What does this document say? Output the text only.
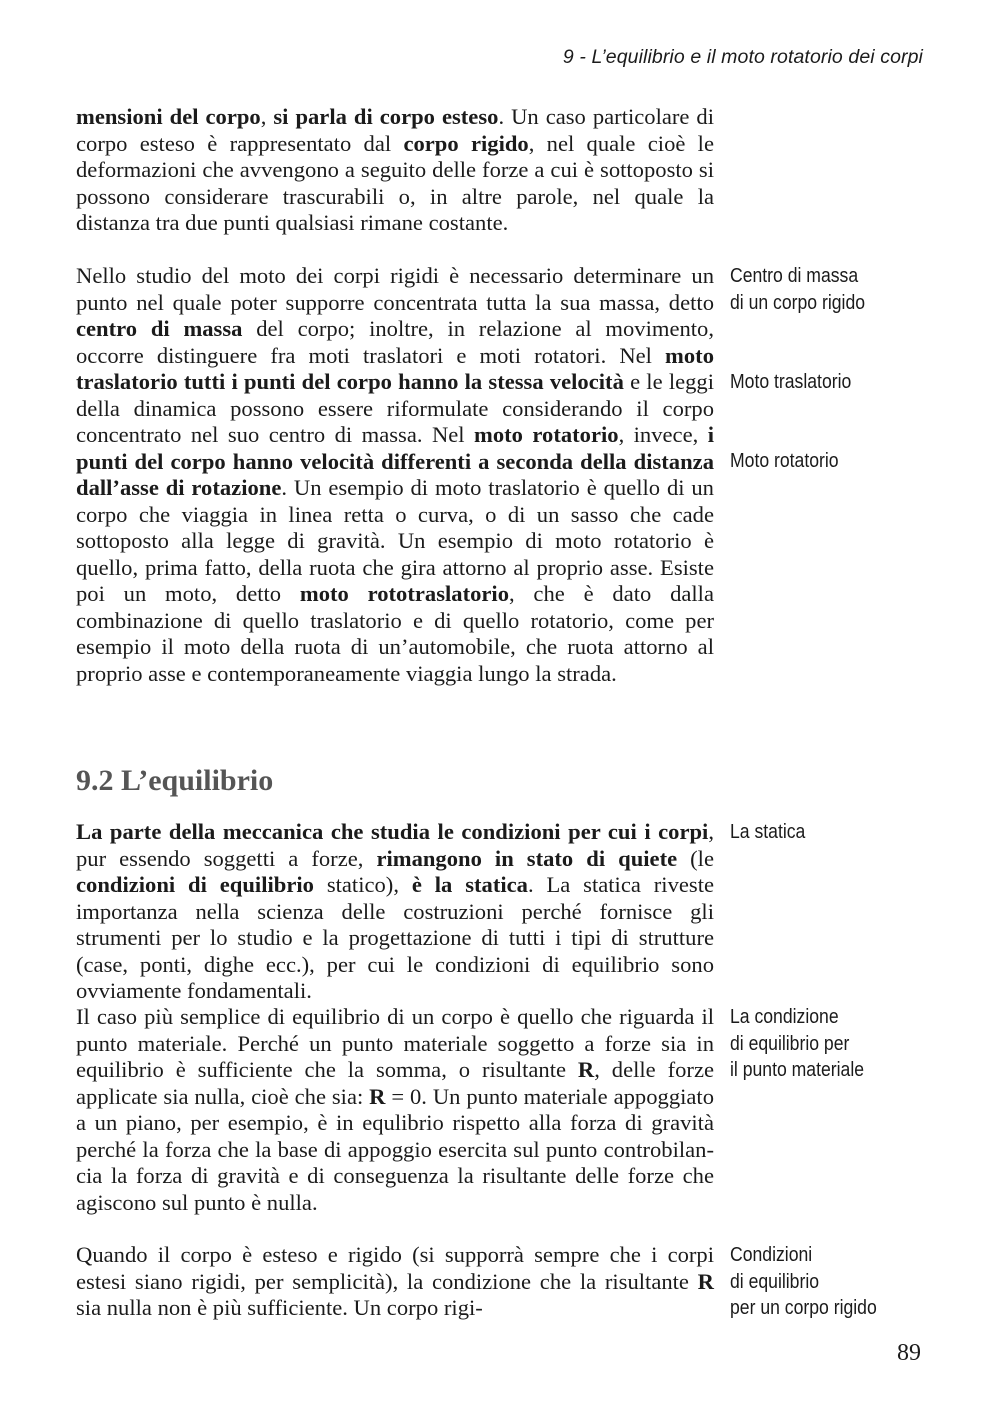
9 - L’equilibrio e il moto rotatorio dei corpi

mensioni del corpo, si parla di corpo esteso. Un caso particolare di corpo esteso è rappresentato dal corpo rigido, nel quale cioè le deformazioni che avvengono a seguito delle forze a cui è sottoposto si possono considerare trascurabili o, in altre parole, nel quale la distanza tra due punti qualsiasi rimane costante.

Nello studio del moto dei corpi rigidi è necessario determinare un punto nel quale poter supporre concentrata tutta la sua massa, detto centro di massa del corpo; inoltre, in relazione al movimento, occorre distinguere fra moti traslatori e moti rotatori. Nel moto traslatorio tutti i punti del corpo hanno la stessa velocità e le leggi della dinamica possono essere riformulate considerando il corpo concentrato nel suo centro di massa. Nel moto rotatorio, invece, i punti del corpo hanno velocità differenti a seconda della distanza dall’asse di rotazione. Un esempio di moto traslatorio è quello di un corpo che viaggia in linea retta o curva, o di un sasso che cade sottoposto alla legge di gravità. Un esempio di moto rotatorio è quello, prima fatto, della ruota che gira attorno al proprio asse. Esiste poi un moto, detto moto rototraslatorio, che è dato dalla combinazione di quello traslatorio e di quello rotatorio, come per esempio il moto della ruota di un’automobile, che ruota attorno al proprio asse e contemporaneamente viaggia lungo la strada.

9.2 L’equilibrio

La parte della meccanica che studia le condizioni per cui i corpi, pur essendo soggetti a forze, rimangono in stato di quiete (le condizioni di equilibrio statico), è la statica. La statica riveste importanza nella scienza delle costruzioni perché fornisce gli strumenti per lo studio e la progettazione di tutti i tipi di strutture (case, ponti, dighe ecc.), per cui le condizioni di equilibrio sono ovviamente fondamentali.

Il caso più semplice di equilibrio di un corpo è quello che riguarda il punto materiale. Perché un punto materiale soggetto a forze sia in equilibrio è sufficiente che la somma, o risultante R, delle forze applicate sia nulla, cioè che sia: R = 0. Un punto materiale appoggiato a un piano, per esempio, è in equlibrio rispetto alla forza di gravità perché la forza che la base di appoggio esercita sul punto controbilancia la forza di gravità e di conseguenza la risultante delle forze che agiscono sul punto è nulla.

Quando il corpo è esteso e rigido (si supporrà sempre che i corpi estesi siano rigidi, per semplicità), la condizione che la risultante R sia nulla non è più sufficiente. Un corpo rigi-

Centro di massa
di un corpo rigido
Moto traslatorio
Moto rotatorio
La statica
La condizione
di equilibrio per
il punto materiale
Condizioni
di equilibrio
per un corpo rigido
89
